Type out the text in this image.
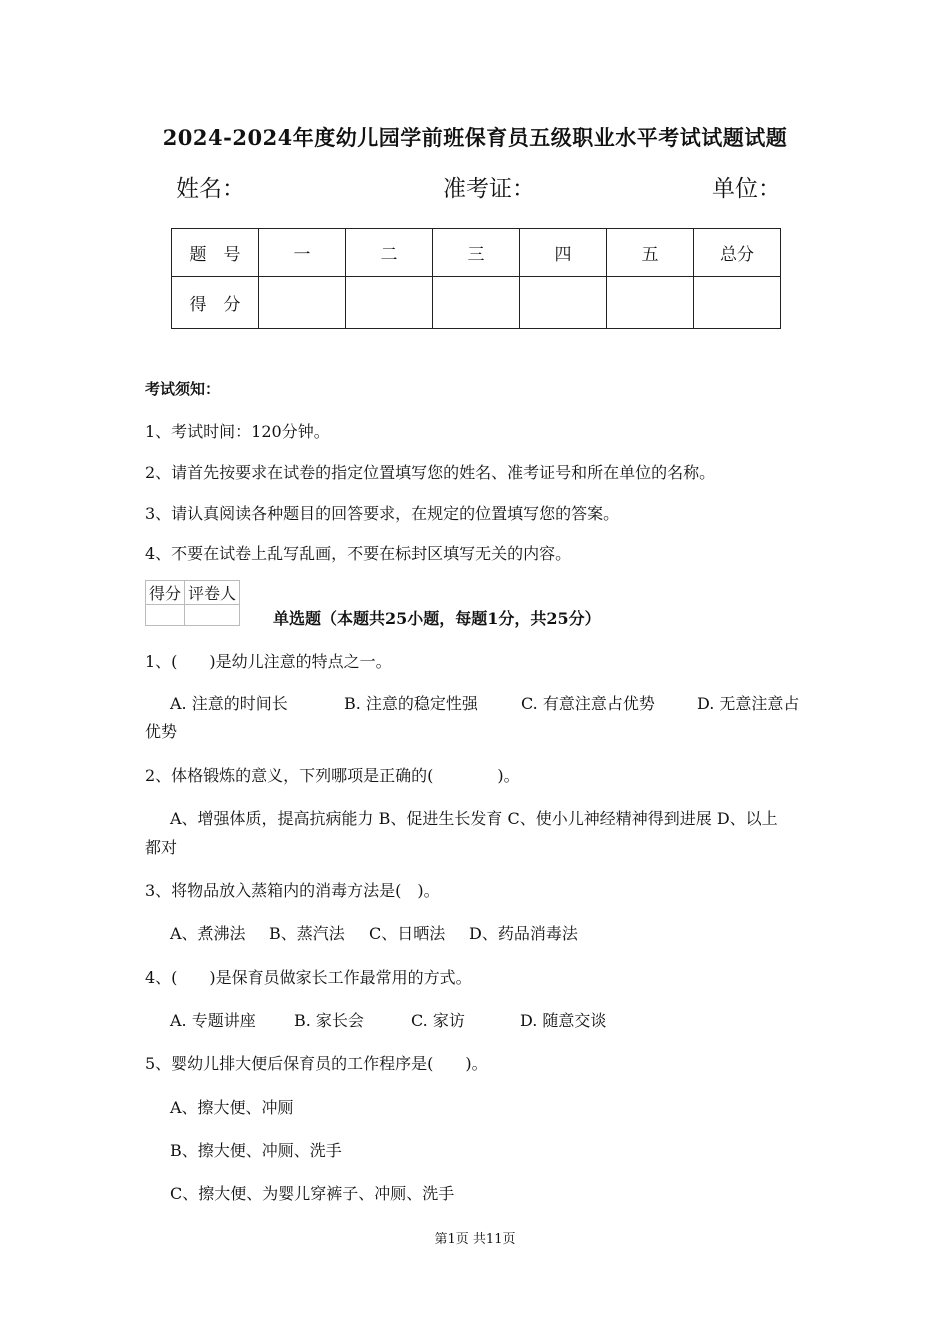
2024-2024年度幼儿园学前班保育员五级职业水平考试试题试题
姓名：	准考证：	单位：
题　号	一	二	三	四	五	总分
得　分						
考试须知：
1、考试时间：120分钟。
2、请首先按要求在试卷的指定位置填写您的姓名、准考证号和所在单位的名称。
3、请认真阅读各种题目的回答要求，在规定的位置填写您的答案。
4、不要在试卷上乱写乱画，不要在标封区填写无关的内容。
得分	评卷人

单选题（本题共25小题，每题1分，共25分）
1、(　　)是幼儿注意的特点之一。
A. 注意的时间长	B. 注意的稳定性强	C. 有意注意占优势	D. 无意注意占
优势
2、体格锻炼的意义，下列哪项是正确的(　　　　)。
A、增强体质，提高抗病能力 B、促进生长发育 C、使小儿神经精神得到进展 D、以上
都对
3、将物品放入蒸箱内的消毒方法是(　)。
A、煮沸法 B、蒸汽法 C、日晒法 D、药品消毒法
4、(　　)是保育员做家长工作最常用的方式。
A. 专题讲座 B. 家长会	C. 家访	D. 随意交谈
5、婴幼儿排大便后保育员的工作程序是(　　)。
A、擦大便、冲厕
B、擦大便、冲厕、洗手
C、擦大便、为婴儿穿裤子、冲厕、洗手
第1页 共11页
